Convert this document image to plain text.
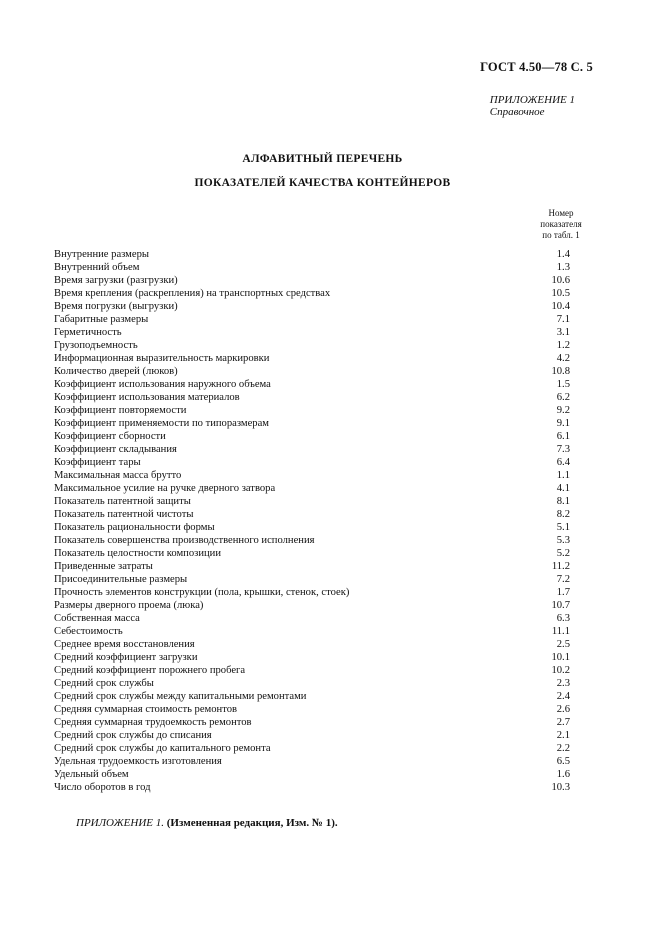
ГОСТ 4.50—78 С. 5
ПРИЛОЖЕНИЕ 1
Справочное
АЛФАВИТНЫЙ ПЕРЕЧЕНЬ
ПОКАЗАТЕЛЕЙ КАЧЕСТВА КОНТЕЙНЕРОВ
Номер
показателя
по табл. 1
Внутренние размеры	1.4
Внутренний объем	1.3
Время загрузки (разгрузки)	10.6
Время крепления (раскрепления) на транспортных средствах	10.5
Время погрузки (выгрузки)	10.4
Габаритные размеры	7.1
Герметичность	3.1
Грузоподъемность	1.2
Информационная выразительность маркировки	4.2
Количество дверей (люков)	10.8
Коэффициент использования наружного объема	1.5
Коэффициент использования материалов	6.2
Коэффициент повторяемости	9.2
Коэффициент применяемости по типоразмерам	9.1
Коэффициент сборности	6.1
Коэффициент складывания	7.3
Коэффициент тары	6.4
Максимальная масса брутто	1.1
Максимальное усилие на ручке дверного затвора	4.1
Показатель патентной защиты	8.1
Показатель патентной чистоты	8.2
Показатель рациональности формы	5.1
Показатель совершенства производственного исполнения	5.3
Показатель целостности композиции	5.2
Приведенные затраты	11.2
Присоединительные размеры	7.2
Прочность элементов конструкции (пола, крышки, стенок, стоек)	1.7
Размеры дверного проема (люка)	10.7
Собственная масса	6.3
Себестоимость	11.1
Среднее время восстановления	2.5
Средний коэффициент загрузки	10.1
Средний коэффициент порожнего пробега	10.2
Средний срок службы	2.3
Средний срок службы между капитальными ремонтами	2.4
Средняя суммарная стоимость ремонтов	2.6
Средняя суммарная трудоемкость ремонтов	2.7
Средний срок службы до списания	2.1
Средний срок службы до капитального ремонта	2.2
Удельная трудоемкость изготовления	6.5
Удельный объем	1.6
Число оборотов в год	10.3
ПРИЛОЖЕНИЕ 1. (Измененная редакция, Изм. № 1).
